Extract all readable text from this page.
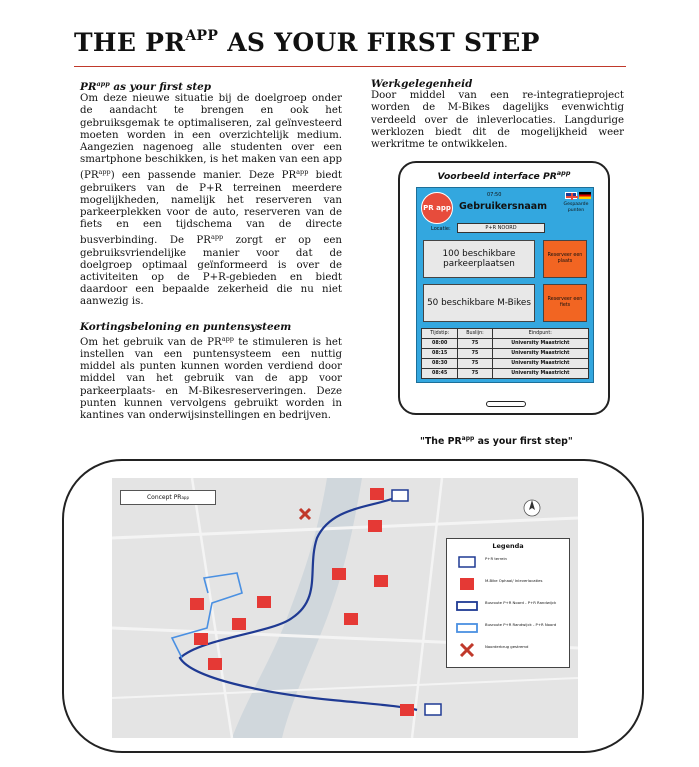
THE $PR^{APP}$ AS YOUR FIRST STEP
$PR^{app}$ as your first step
Om deze nieuwe situatie bij de doelgroep onder de aandacht te brengen en ook het gebruiksgemak te optimaliseren, zal geïnvesteerd moeten worden in een overzichtelijk medium. Aangezien nagenoeg alle studenten over een smartphone beschikken, is het maken van een app $(PR^{app})$ een passende manier. Deze $PR^{app}$ biedt gebruikers van de P+R terreinen meerdere mogelijkheden, namelijk het reserveren van parkeerplekken voor de auto, reserveren van de fiets en een tijdschema van de directe busverbinding. De $PR^{app}$ zorgt er op een gebruiksvriendelijke manier voor dat de doelgroep optimaal geïnformeerd is over de activiteiten op de P+R-gebieden en biedt daardoor een bepaalde zekerheid die nu niet aanwezig is.
Kortingsbeloning en puntensysteem
Om het gebruik van de $PR^{app}$ te stimuleren is het instellen van een puntensysteem een nuttig middel als punten kunnen worden verdiend door middel van het gebruik van de app voor parkeerplaats- en M-Bikesreserveringen. Deze punten kunnen vervolgens gebruikt worden in kantines van onderwijsinstellingen en bedrijven.
Werkgelegenheid
Door middel van een re-integratieproject worden de M-Bikes dagelijks evenwichtig verdeeld over de inleverlocaties. Langdurige werklozen biedt dit de mogelijkheid weer werkritme te ontwikkelen.
Voorbeeld interface $PR^{app}$
PR app
07:50
Gebruikersnaam	Gespaarde punten
Locatie:	P+R NOORD
100 beschikbare parkeerplaatsen
Reserveer een plaats
50 beschikbare M-Bikes	Reserveer een fiets
Tijdstip:	Buslijn:	Eindpunt:
08:00	75	University Maastricht
08:15	75	University Maastricht
08:30	75	University Maastricht
08:45	75	University Maastricht
"The $PR^{app}$ as your first step"
Concept PR app
Legenda
P+R terrein
M-Bike Ophaal/ Inleverlocaties
Busroute P+R Noord - P+R Randwijck
Busroute P+R Randwijck - P+R Noord
Noorderbrug gestremd
